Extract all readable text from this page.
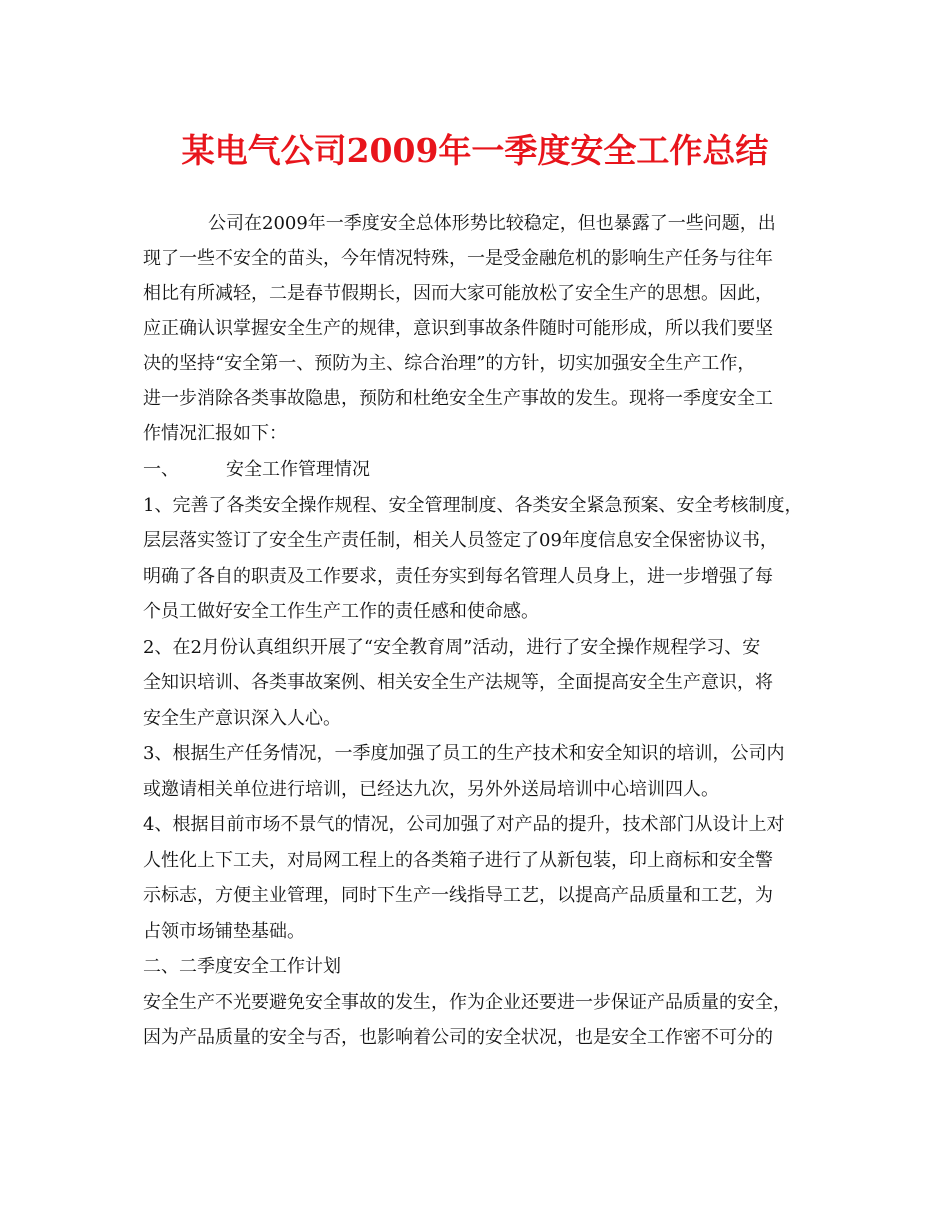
某电气公司2009年一季度安全工作总结
公司在2009年一季度安全总体形势比较稳定，但也暴露了一些问题，出
现了一些不安全的苗头，今年情况特殊，一是受金融危机的影响生产任务与往年
相比有所减轻，二是春节假期长，因而大家可能放松了安全生产的思想。因此，
应正确认识掌握安全生产的规律，意识到事故条件随时可能形成，所以我们要坚
决的坚持“安全第一、预防为主、综合治理”的方针，切实加强安全生产工作，
进一步消除各类事故隐患，预防和杜绝安全生产事故的发生。现将一季度安全工
作情况汇报如下：
一、	安全工作管理情况
1、完善了各类安全操作规程、安全管理制度、各类安全紧急预案、安全考核制度，
层层落实签订了安全生产责任制，相关人员签定了09年度信息安全保密协议书，
明确了各自的职责及工作要求，责任夯实到每名管理人员身上，进一步增强了每
个员工做好安全工作生产工作的责任感和使命感。
2、在2月份认真组织开展了“安全教育周”活动，进行了安全操作规程学习、安
全知识培训、各类事故案例、相关安全生产法规等，全面提高安全生产意识，将
安全生产意识深入人心。
3、根据生产任务情况，一季度加强了员工的生产技术和安全知识的培训，公司内
或邀请相关单位进行培训，已经达九次，另外外送局培训中心培训四人。
4、根据目前市场不景气的情况，公司加强了对产品的提升，技术部门从设计上对
人性化上下工夫，对局网工程上的各类箱子进行了从新包装，印上商标和安全警
示标志，方便主业管理，同时下生产一线指导工艺，以提高产品质量和工艺，为
占领市场铺垫基础。
二、二季度安全工作计划
安全生产不光要避免安全事故的发生，作为企业还要进一步保证产品质量的安全，
因为产品质量的安全与否，也影响着公司的安全状况，也是安全工作密不可分的
